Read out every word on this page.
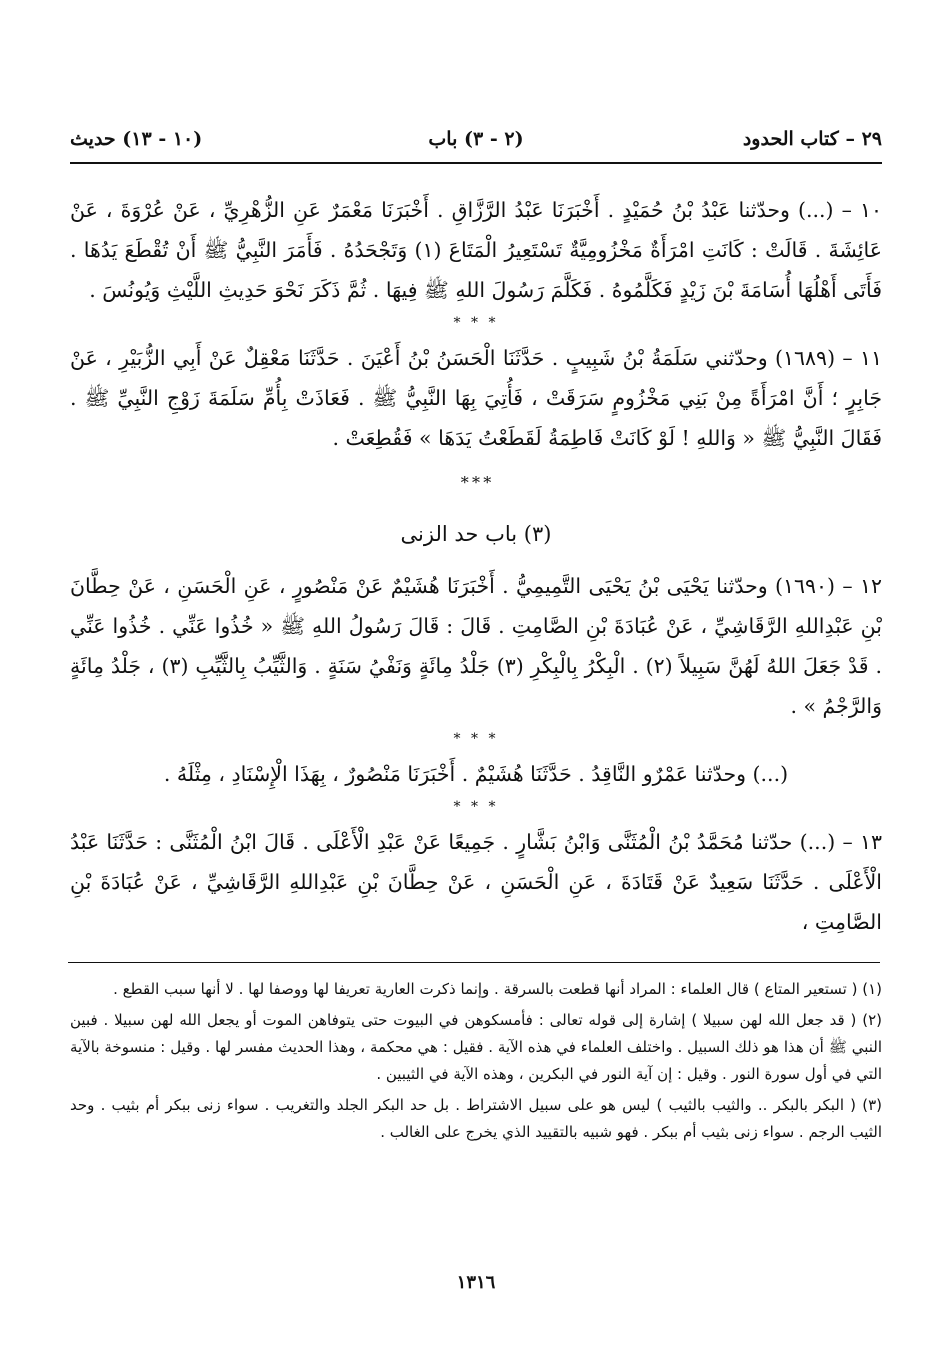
٢٩ – كتاب الحدود
(٢ - ٣) باب
(١٠ - ١٣) حديث

١٠ – (...) وحدّثنا عَبْدُ بْنُ حُمَيْدٍ . أَخْبَرَنَا عَبْدُ الرَّزَّاقِ . أَخْبَرَنَا مَعْمَرٌ عَنِ الزُّهْرِيِّ ، عَنْ عُرْوَةَ ، عَنْ عَائِشَةَ . قَالَتْ : كَانَتِ امْرَأَةٌ مَخْزُومِيَّةٌ تَسْتَعِيرُ الْمَتَاعَ (١) وَتَجْحَدُهُ . فَأَمَرَ النَّبِيُّ ﷺ أَنْ تُقْطَعَ يَدُهَا . فَأَتَى أَهْلُهَا أُسَامَةَ بْنَ زَيْدٍ فَكَلَّمُوهُ . فَكَلَّمَ رَسُولَ اللهِ ﷺ فِيهَا . ثُمَّ ذَكَرَ نَحْوَ حَدِيثِ اللَّيْثِ وَيُونُسَ .

* * *

١١ – (١٦٨٩) وحدّثني سَلَمَةُ بْنُ شَبِيبٍ . حَدَّثَنَا الْحَسَنُ بْنُ أَعْيَنَ . حَدَّثَنَا مَعْقِلٌ عَنْ أَبِي الزُّبَيْرِ ، عَنْ جَابِرٍ ؛ أَنَّ امْرَأَةً مِنْ بَنِي مَخْزُومٍ سَرَقَتْ ، فَأُتِيَ بِهَا النَّبِيُّ ﷺ . فَعَاذَتْ بِأُمِّ سَلَمَةَ زَوْجِ النَّبِيِّ ﷺ . فَقَالَ النَّبِيُّ ﷺ « وَاللهِ ! لَوْ كَانَتْ فَاطِمَةُ لَقَطَعْتُ يَدَهَا » فَقُطِعَتْ .

* * *
(٣) باب حد الزنى

١٢ – (١٦٩٠) وحدّثنا يَحْيَى بْنُ يَحْيَى التَّمِيمِيُّ . أَخْبَرَنَا هُشَيْمٌ عَنْ مَنْصُورٍ ، عَنِ الْحَسَنِ ، عَنْ حِطَّانَ بْنِ عَبْدِاللهِ الرَّقَاشِيِّ ، عَنْ عُبَادَةَ بْنِ الصَّامِتِ . قَالَ : قَالَ رَسُولُ اللهِ ﷺ « خُذُوا عَنِّي . خُذُوا عَنِّي . قَدْ جَعَلَ اللهُ لَهُنَّ سَبِيلاً (٢) . الْبِكْرُ بِالْبِكْرِ (٣) جَلْدُ مِائَةٍ وَنَفْيُ سَنَةٍ . وَالثَّيِّبُ بِالثَّيِّبِ (٣) ، جَلْدُ مِائَةٍ وَالرَّجْمُ » .

* * *

(...) وحدّثنا عَمْرٌو النَّاقِدُ . حَدَّثَنَا هُشَيْمٌ . أَخْبَرَنَا مَنْصُورٌ ، بِهَذَا الْإِسْنَادِ ، مِثْلَهُ .

* * *

١٣ – (...) حدّثنا مُحَمَّدُ بْنُ الْمُثَنَّى وَابْنُ بَشَّارٍ . جَمِيعًا عَنْ عَبْدِ الْأَعْلَى . قَالَ ابْنُ الْمُثَنَّى : حَدَّثَنَا عَبْدُ الْأَعْلَى . حَدَّثَنَا سَعِيدٌ عَنْ قَتَادَةَ ، عَنِ الْحَسَنِ ، عَنْ حِطَّانَ بْنِ عَبْدِاللهِ الرَّقَاشِيِّ ، عَنْ عُبَادَةَ بْنِ الصَّامِتِ ،

(١) ( تستعير المتاع ) قال العلماء : المراد أنها قطعت بالسرقة . وإنما ذكرت العارية تعريفا لها ووصفا لها . لا أنها سبب القطع .

(٢) ( قد جعل الله لهن سبيلا ) إشارة إلى قوله تعالى : فأمسكوهن في البيوت حتى يتوفاهن الموت أو يجعل الله لهن سبيلا . فبين النبي ﷺ أن هذا هو ذلك السبيل . واختلف العلماء في هذه الآية . فقيل : هي محكمة ، وهذا الحديث مفسر لها . وقيل : منسوخة بالآية التي في أول سورة النور . وقيل : إن آية النور في البكرين ، وهذه الآية في الثيبين .

(٣) ( البكر بالبكر .. والثيب بالثيب ) ليس هو على سبيل الاشتراط . بل حد البكر الجلد والتغريب . سواء زنى ببكر أم بثيب . وحد الثيب الرجم . سواء زنى بثيب أم ببكر . فهو شبيه بالتقييد الذي يخرج على الغالب .

١٣١٦
